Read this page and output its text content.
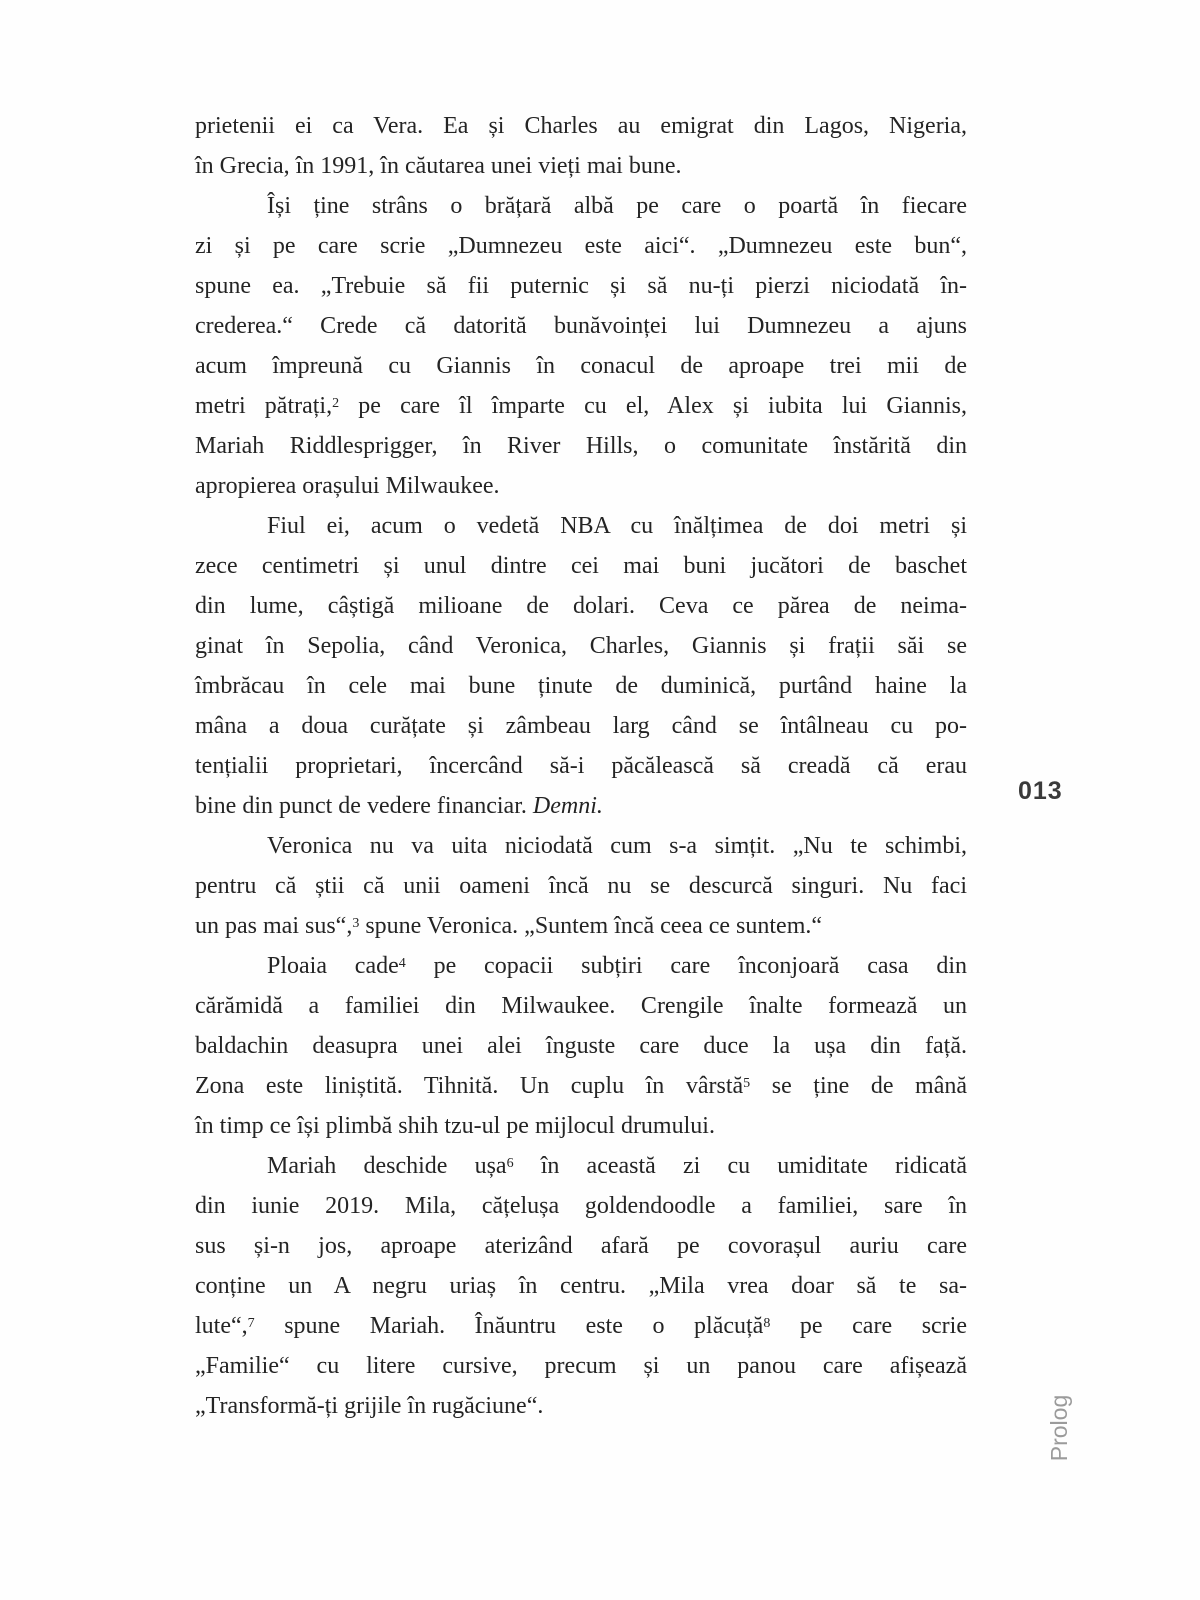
prietenii ei ca Vera. Ea și Charles au emigrat din Lagos, Nigeria,
în Grecia, în 1991, în căutarea unei vieți mai bune.
Își ține strâns o brățară albă pe care o poartă în fiecare
zi și pe care scrie „Dumnezeu este aici“. „Dumnezeu este bun“,
spune ea. „Trebuie să fii puternic și să nu-ți pierzi niciodată în-
crederea.“ Crede că datorită bunăvoinței lui Dumnezeu a ajuns
acum împreună cu Giannis în conacul de aproape trei mii de
metri pătrați,$^2$ pe care îl împarte cu el, Alex și iubita lui Giannis,
Mariah Riddlesprigger, în River Hills, o comunitate înstărită din
apropierea orașului Milwaukee.
Fiul ei, acum o vedetă NBA cu înălțimea de doi metri și
zece centimetri și unul dintre cei mai buni jucători de baschet
din lume, câștigă milioane de dolari. Ceva ce părea de neima-
ginat în Sepolia, când Veronica, Charles, Giannis și frații săi se
îmbrăcau în cele mai bune ținute de duminică, purtând haine la
mâna a doua curățate și zâmbeau larg când se întâlneau cu po-
tențialii proprietari, încercând să-i păcălească să creadă că erau
bine din punct de vedere financiar. Demni.
Veronica nu va uita niciodată cum s-a simțit. „Nu te schimbi,
pentru că știi că unii oameni încă nu se descurcă singuri. Nu faci
un pas mai sus“,$^3$ spune Veronica. „Suntem încă ceea ce suntem.“
Ploaia cade$^4$ pe copacii subțiri care înconjoară casa din
cărămidă a familiei din Milwaukee. Crengile înalte formează un
baldachin deasupra unei alei înguste care duce la ușa din față.
Zona este liniștită. Tihnită. Un cuplu în vârstă$^5$ se ține de mână
în timp ce își plimbă shih tzu-ul pe mijlocul drumului.
Mariah deschide ușa$^6$ în această zi cu umiditate ridicată
din iunie 2019. Mila, cățelușa goldendoodle a familiei, sare în
sus și-n jos, aproape aterizând afară pe covorașul auriu care
conține un A negru uriaș în centru. „Mila vrea doar să te sa-
lute“,$^7$ spune Mariah. Înăuntru este o plăcuță$^8$ pe care scrie
„Familie“ cu litere cursive, precum și un panou care afișează
„Transformă-ți grijile în rugăciune“.
013
Prolog
